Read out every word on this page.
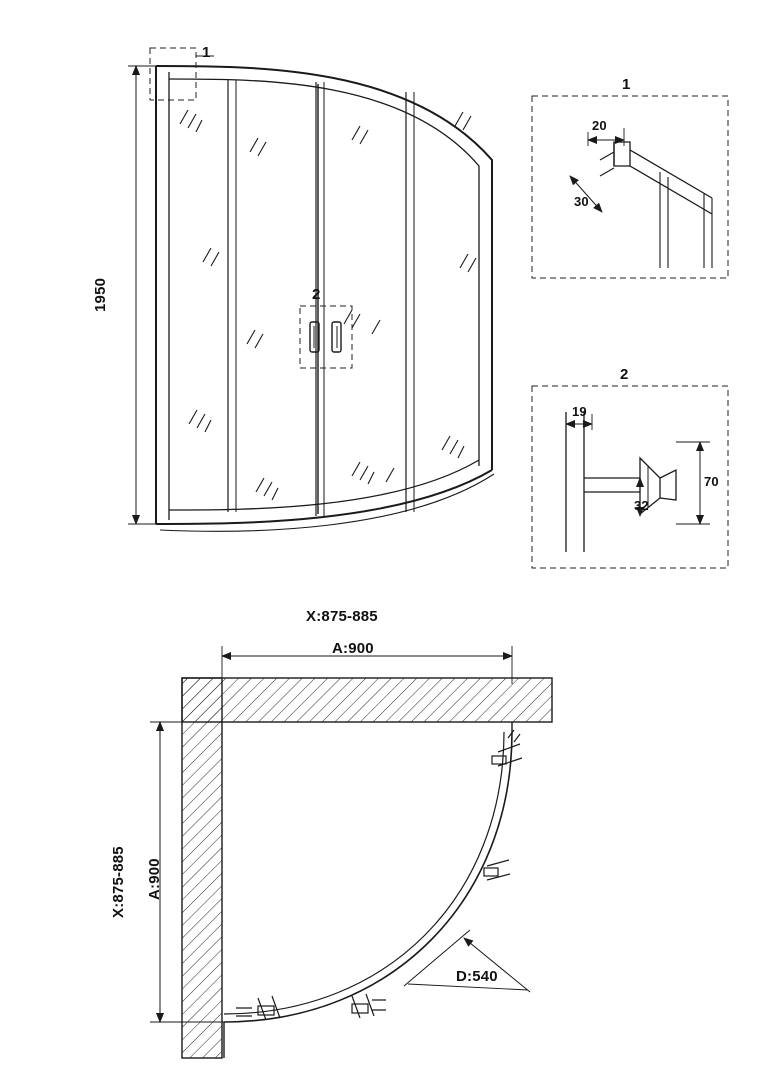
1950
1
2
1
20
30
2
19
32
70
X:875-885
A:900
X:875-885 A:900
D:540
